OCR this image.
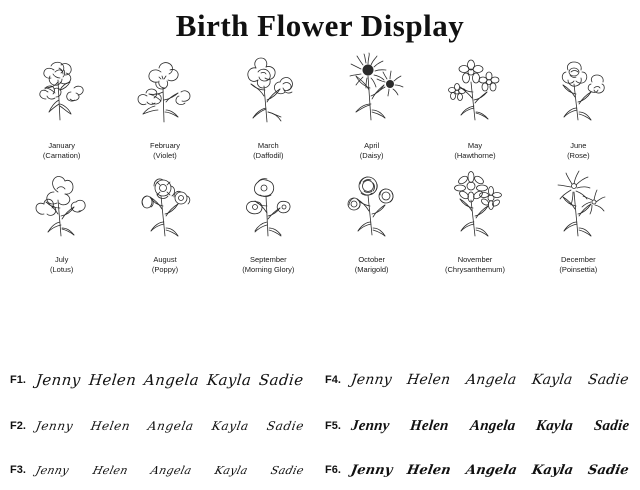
Birth Flower Display
January
(Carnation)
February
(Violet)
March
(Daffodil)
April
(Daisy)
May
(Hawthorne)
June
(Rose)
July
(Lotus)
August
(Poppy)
September
(Morning Glory)
October
(Marigold)
November
(Chrysanthemum)
December
(Poinsettia)
F1. Jenny Helen Angela Kayla Sadie
F2. Jenny Helen Angela Kayla Sadie
F3. Jenny Helen Angela Kayla Sadie
F4. Jenny Helen Angela Kayla Sadie
F5. Jenny Helen Angela Kayla Sadie
F6. Jenny Helen Angela Kayla Sadie
